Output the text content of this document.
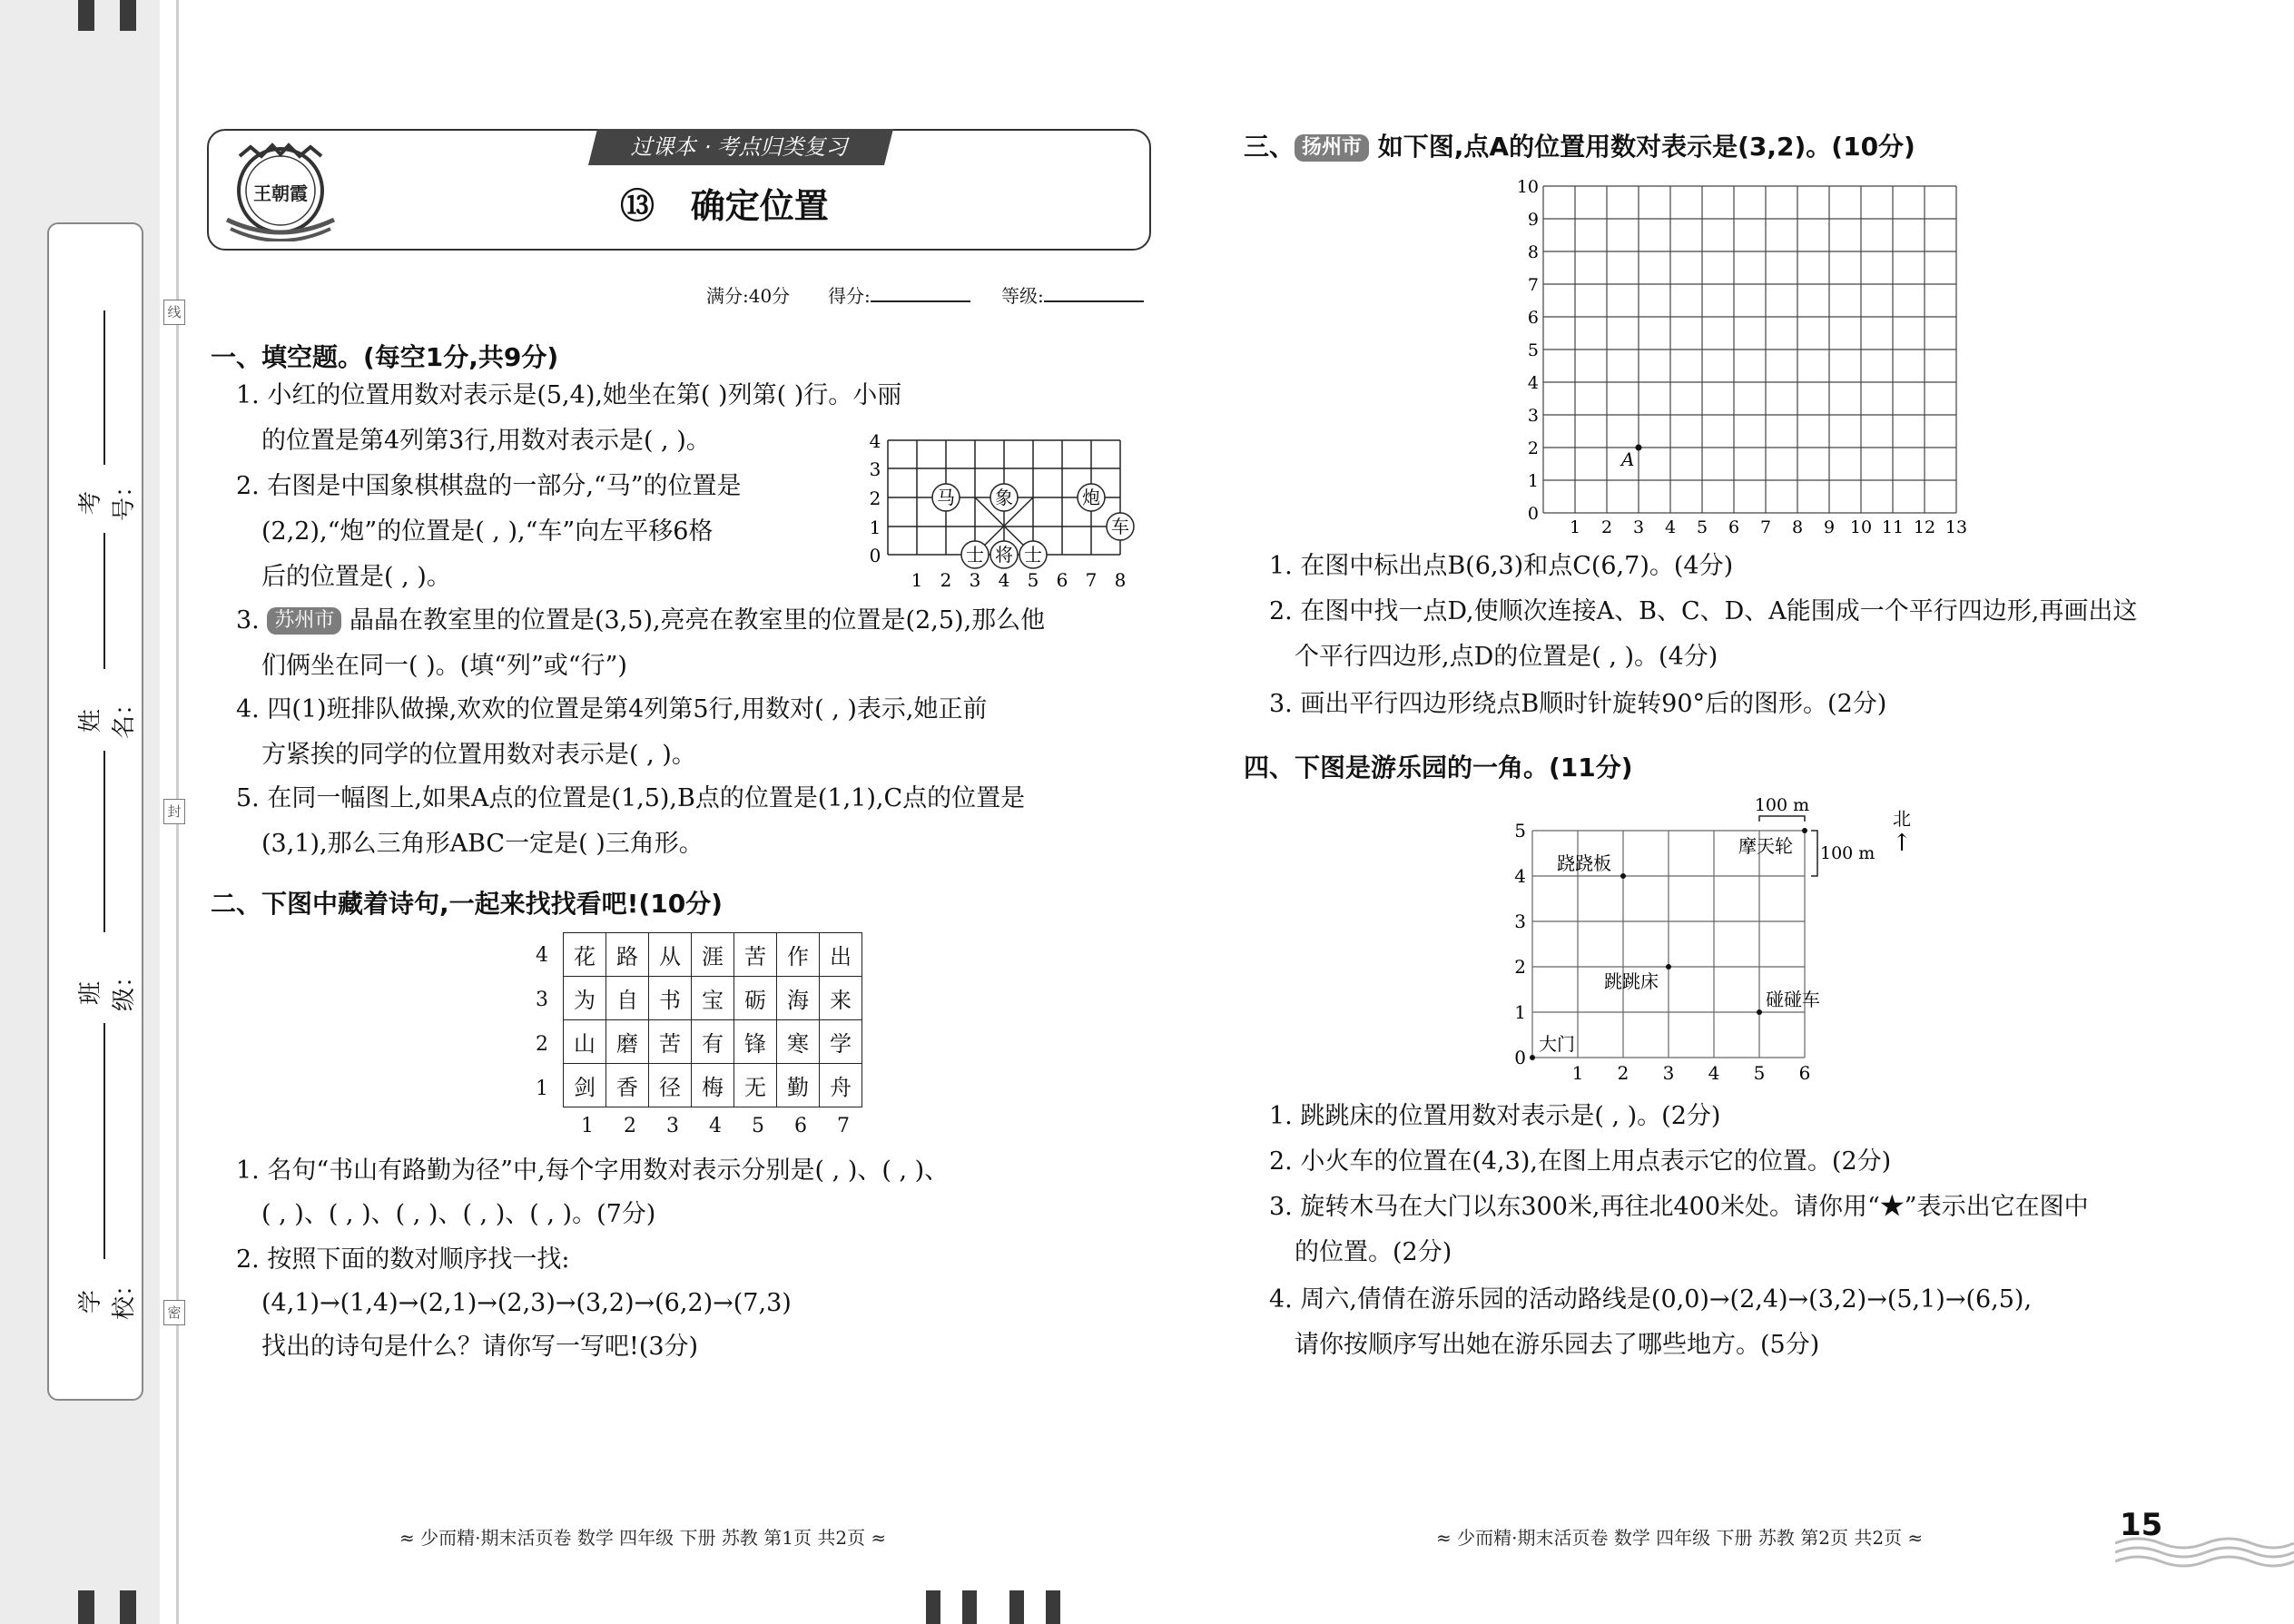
考号：
姓名：
班级：
学校：
线
封
密
王朝霞
过课本 · 考点归类复习
⑬ 确定位置
满分:40分 得分:	等级:
一、填空题。(每空1分,共9分)
1. 小红的位置用数对表示是(5,4),她坐在第( )列第( )行。小丽
的位置是第4列第3行,用数对表示是( , )。
2. 右图是中国象棋棋盘的一部分,“马”的位置是
(2,2),“炮”的位置是( , ),“车”向左平移6格
后的位置是( , )。
3. 苏州市 晶晶在教室里的位置是(3,5),亮亮在教室里的位置是(2,5),那么他
们俩坐在同一( )。(填“列”或“行”)
4. 四(1)班排队做操,欢欢的位置是第4列第5行,用数对( , )表示,她正前
方紧挨的同学的位置用数对表示是( , )。
5. 在同一幅图上,如果A点的位置是(1,5),B点的位置是(1,1),C点的位置是
(3,1),那么三角形ABC一定是( )三角形。
4
3
2
1
0
1 2 3 4 5 6 7 8
马 象	炮
车
士 将 士
二、下图中藏着诗句,一起来找找看吧!(10分)
花	路	从	涯	苦	作	出
为	自	书	宝	砺	海	来
山	磨	苦	有	锋	寒	学
剑	香	径	梅	无	勤	舟
4
3
2
1
1 2 3 4 5 6 7
1. 名句“书山有路勤为径”中,每个字用数对表示分别是( , )、( , )、
( , )、( , )、( , )、( , )、( , )。(7分)
2. 按照下面的数对顺序找一找:
(4,1)→(1,4)→(2,1)→(2,3)→(3,2)→(6,2)→(7,3)
找出的诗句是什么？请你写一写吧!(3分)
三、 扬州市 如下图,点A的位置用数对表示是(3,2)。(10分)
10
9
8
7
6
5
4
3
2
1
0
1 2 3 4 5 6 7 8 9 10 11 12 13
A
1. 在图中标出点B(6,3)和点C(6,7)。(4分)
2. 在图中找一点D,使顺次连接A、B、C、D、A能围成一个平行四边形,再画出这
个平行四边形,点D的位置是( , )。(4分)
3. 画出平行四边形绕点B顺时针旋转90°后的图形。(2分)
四、下图是游乐园的一角。(11分)
5
4
3
2
1
0
1 2 3 4 5 6
跷跷板
摩天轮
跳跳床
碰碰车
大门
100 m
100 m
北
↑
1. 跳跳床的位置用数对表示是( , )。(2分)
2. 小火车的位置在(4,3),在图上用点表示它的位置。(2分)
3. 旋转木马在大门以东300米,再往北400米处。请你用“★”表示出它在图中
的位置。(2分)
4. 周六,倩倩在游乐园的活动路线是(0,0)→(2,4)→(3,2)→(5,1)→(6,5),
请你按顺序写出她在游乐园去了哪些地方。(5分)
≈ 少而精·期末活页卷 数学 四年级 下册 苏教 第1页 共2页 ≈	≈ 少而精·期末活页卷 数学 四年级 下册 苏教 第2页 共2页 ≈	15
